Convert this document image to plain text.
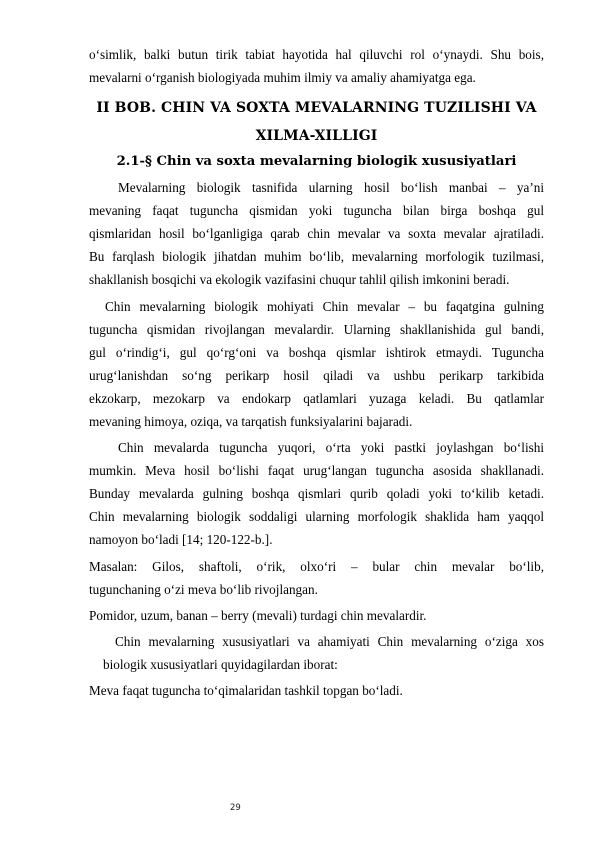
o‘simlik, balki butun tirik tabiat hayotida hal qiluvchi rol o‘ynaydi. Shu bois,
mevalarni o‘rganish biologiyada muhim ilmiy va amaliy ahamiyatga ega.
II BOB. CHIN VA SOXTA MEVALARNING TUZILISHI VA
XILMA-XILLIGI
2.1-§ Chin va soxta mevalarning biologik xususiyatlari
Mevalarning biologik tasnifida ularning hosil bo‘lish manbai – ya’ni
mevaning faqat tuguncha qismidan yoki tuguncha bilan birga boshqa gul
qismlaridan hosil bo‘lganligiga qarab chin mevalar va soxta mevalar ajratiladi.
Bu farqlash biologik jihatdan muhim bo‘lib, mevalarning morfologik tuzilmasi,
shakllanish bosqichi va ekologik vazifasini chuqur tahlil qilish imkonini beradi.
Chin mevalarning biologik mohiyati Chin mevalar – bu faqatgina gulning
tuguncha qismidan rivojlangan mevalardir. Ularning shakllanishida gul bandi,
gul o‘rindig‘i, gul qo‘rg‘oni va boshqa qismlar ishtirok etmaydi. Tuguncha
urug‘lanishdan so‘ng perikarp hosil qiladi va ushbu perikarp tarkibida
ekzokarp, mezokarp va endokarp qatlamlari yuzaga keladi. Bu qatlamlar
mevaning himoya, oziqa, va tarqatish funksiyalarini bajaradi.
Chin mevalarda tuguncha yuqori, o‘rta yoki pastki joylashgan bo‘lishi
mumkin. Meva hosil bo‘lishi faqat urug‘langan tuguncha asosida shakllanadi.
Bunday mevalarda gulning boshqa qismlari qurib qoladi yoki to‘kilib ketadi.
Chin mevalarning biologik soddaligi ularning morfologik shaklida ham yaqqol
namoyon bo‘ladi [14; 120-122-b.].
Masalan: Gilos, shaftoli, o‘rik, olxo‘ri – bular chin mevalar bo‘lib,
tugunchaning o‘zi meva bo‘lib rivojlangan.
Pomidor, uzum, banan – berry (mevali) turdagi chin mevalardir.
Chin mevalarning xususiyatlari va ahamiyati Chin mevalarning o‘ziga xos
biologik xususiyatlari quyidagilardan iborat:
Meva faqat tuguncha to‘qimalaridan tashkil topgan bo‘ladi.
29
